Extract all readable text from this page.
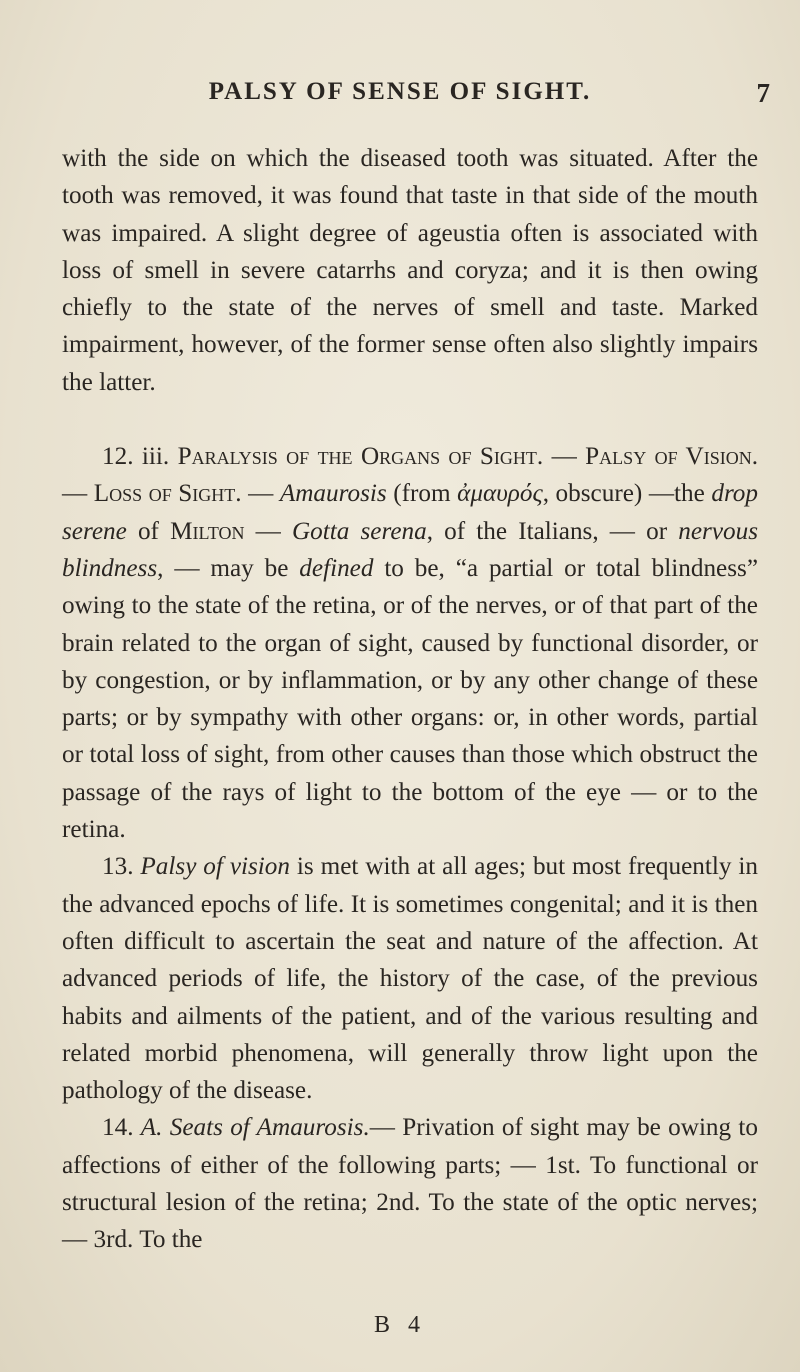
PALSY OF SENSE OF SIGHT.	7

with the side on which the diseased tooth was situated. After the tooth was removed, it was found that taste in that side of the mouth was impaired. A slight degree of ageustia often is associated with loss of smell in severe catarrhs and coryza; and it is then owing chiefly to the state of the nerves of smell and taste. Marked impairment, however, of the former sense often also slightly impairs the latter.

12. iii. Paralysis of the Organs of Sight. — Palsy of Vision. — Loss of Sight. — Amaurosis (from ἀμαυρός, obscure) —the drop serene of Milton — Gotta serena, of the Italians, — or nervous blindness, — may be defined to be, “a partial or total blindness” owing to the state of the retina, or of the nerves, or of that part of the brain related to the organ of sight, caused by functional disorder, or by congestion, or by inflammation, or by any other change of these parts; or by sympathy with other organs: or, in other words, partial or total loss of sight, from other causes than those which obstruct the passage of the rays of light to the bottom of the eye — or to the retina.

13. Palsy of vision is met with at all ages; but most frequently in the advanced epochs of life. It is sometimes congenital; and it is then often difficult to ascertain the seat and nature of the affection. At advanced periods of life, the history of the case, of the previous habits and ailments of the patient, and of the various resulting and related morbid phenomena, will generally throw light upon the pathology of the disease.

14. A. Seats of Amaurosis.— Privation of sight may be owing to affections of either of the following parts; — 1st. To functional or structural lesion of the retina; 2nd. To the state of the optic nerves; — 3rd. To the

B 4
